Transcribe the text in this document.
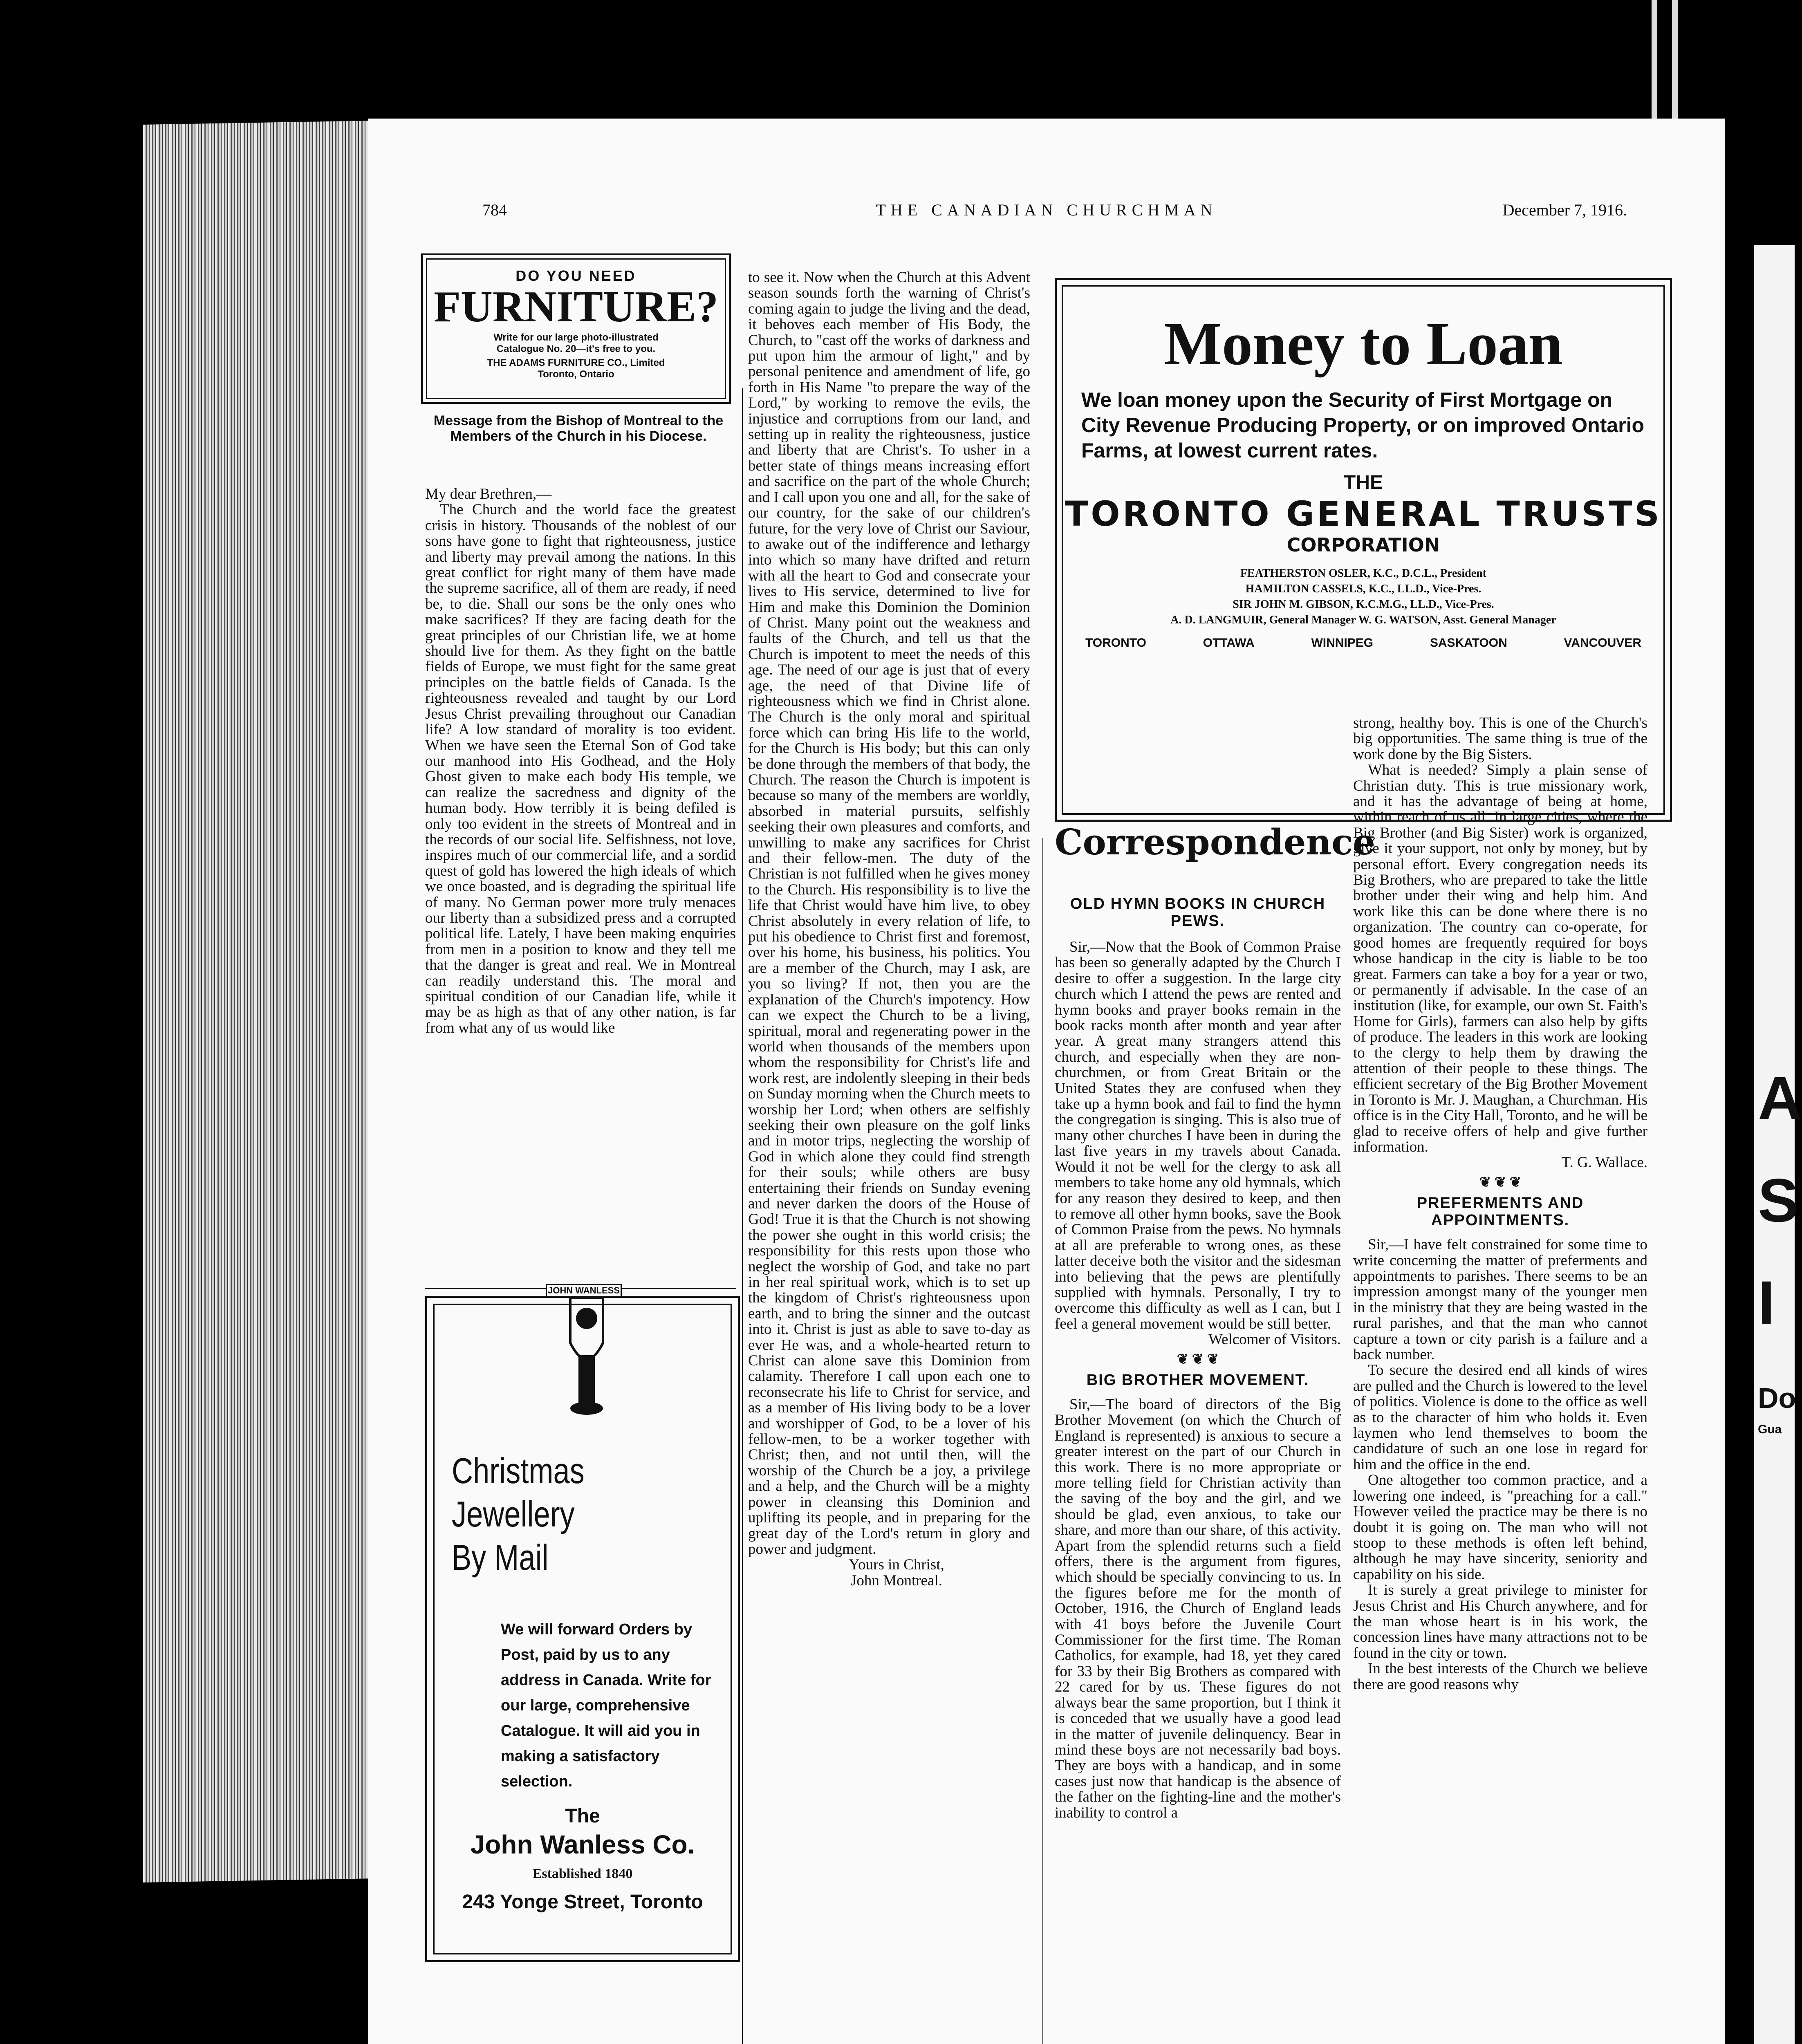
784	THE CANADIAN CHURCHMAN	December 7, 1916.
DO YOU NEED
FURNITURE?
Write for our large photo-illustrated
Catalogue No. 20—it's free to you.
THE ADAMS FURNITURE CO., Limited
Toronto, Ontario
Message from the Bishop of Montreal to the Members of the Church in his Diocese.

My dear Brethren,—

The Church and the world face the greatest crisis in history. Thousands of the noblest of our sons have gone to fight that righteousness, justice and liberty may prevail among the nations. In this great conflict for right many of them have made the supreme sacrifice, all of them are ready, if need be, to die. Shall our sons be the only ones who make sacrifices? If they are facing death for the great principles of our Christian life, we at home should live for them. As they fight on the battle fields of Europe, we must fight for the same great principles on the battle fields of Canada. Is the righteousness revealed and taught by our Lord Jesus Christ prevailing throughout our Canadian life? A low standard of morality is too evident. When we have seen the Eternal Son of God take our manhood into His Godhead, and the Holy Ghost given to make each body His temple, we can realize the sacredness and dignity of the human body. How terribly it is being defiled is only too evident in the streets of Montreal and in the records of our social life. Selfishness, not love, inspires much of our commercial life, and a sordid quest of gold has lowered the high ideals of which we once boasted, and is degrading the spiritual life of many. No German power more truly menaces our liberty than a subsidized press and a corrupted political life. Lately, I have been making enquiries from men in a position to know and they tell me that the danger is great and real. We in Montreal can readily understand this. The moral and spiritual condition of our Canadian life, while it may be as high as that of any other nation, is far from what any of us would like

JOHN WANLESS
Christmas
Jewellery
By Mail
We will forward Orders by Post, paid by us to any address in Canada. Write for our large, comprehensive Catalogue. It will aid you in making a satisfactory selection.
The
John Wanless Co.
Established 1840
243 Yonge Street, Toronto

to see it. Now when the Church at this Advent season sounds forth the warning of Christ's coming again to judge the living and the dead, it behoves each member of His Body, the Church, to "cast off the works of darkness and put upon him the armour of light," and by personal penitence and amendment of life, go forth in His Name "to prepare the way of the Lord," by working to remove the evils, the injustice and corruptions from our land, and setting up in reality the righteousness, justice and liberty that are Christ's. To usher in a better state of things means increasing effort and sacrifice on the part of the whole Church; and I call upon you one and all, for the sake of our country, for the sake of our children's future, for the very love of Christ our Saviour, to awake out of the indifference and lethargy into which so many have drifted and return with all the heart to God and consecrate your lives to His service, determined to live for Him and make this Dominion the Dominion of Christ. Many point out the weakness and faults of the Church, and tell us that the Church is impotent to meet the needs of this age. The need of our age is just that of every age, the need of that Divine life of righteousness which we find in Christ alone. The Church is the only moral and spiritual force which can bring His life to the world, for the Church is His body; but this can only be done through the members of that body, the Church. The reason the Church is impotent is because so many of the members are worldly, absorbed in material pursuits, selfishly seeking their own pleasures and comforts, and unwilling to make any sacrifices for Christ and their fellow-men. The duty of the Christian is not fulfilled when he gives money to the Church. His responsibility is to live the life that Christ would have him live, to obey Christ absolutely in every relation of life, to put his obedience to Christ first and foremost, over his home, his business, his politics. You are a member of the Church, may I ask, are you so living? If not, then you are the explanation of the Church's impotency. How can we expect the Church to be a living, spiritual, moral and regenerating power in the world when thousands of the members upon whom the responsibility for Christ's life and work rest, are indolently sleeping in their beds on Sunday morning when the Church meets to worship her Lord; when others are selfishly seeking their own pleasure on the golf links and in motor trips, neglecting the worship of God in which alone they could find strength for their souls; while others are busy entertaining their friends on Sunday evening and never darken the doors of the House of God! True it is that the Church is not showing the power she ought in this world crisis; the responsibility for this rests upon those who neglect the worship of God, and take no part in her real spiritual work, which is to set up the kingdom of Christ's righteousness upon earth, and to bring the sinner and the outcast into it. Christ is just as able to save to-day as ever He was, and a whole-hearted return to Christ can alone save this Dominion from calamity. Therefore I call upon each one to reconsecrate his life to Christ for service, and as a member of His living body to be a lover and worshipper of God, to be a lover of his fellow-men, to be a worker together with Christ; then, and not until then, will the worship of the Church be a joy, a privilege and a help, and the Church will be a mighty power in cleansing this Dominion and uplifting its people, and in preparing for the great day of the Lord's return in glory and power and judgment.

Yours in Christ,

John Montreal.

Money to Loan
We loan money upon the Security of First Mortgage on City Revenue Producing Property, or on improved Ontario Farms, at lowest current rates.
THE
TORONTO GENERAL TRUSTS
CORPORATION
FEATHERSTON OSLER, K.C., D.C.L., President
HAMILTON CASSELS, K.C., LL.D., Vice-Pres.
SIR JOHN M. GIBSON, K.C.M.G., LL.D., Vice-Pres.
A. D. LANGMUIR, General Manager W. G. WATSON, Asst. General Manager
TORONTO	OTTAWA	WINNIPEG	SASKATOON	VANCOUVER
Correspondence
OLD HYMN BOOKS IN CHURCH PEWS.

Sir,—Now that the Book of Common Praise has been so generally adapted by the Church I desire to offer a suggestion. In the large city church which I attend the pews are rented and hymn books and prayer books remain in the book racks month after month and year after year. A great many strangers attend this church, and especially when they are non-churchmen, or from Great Britain or the United States they are confused when they take up a hymn book and fail to find the hymn the congregation is singing. This is also true of many other churches I have been in during the last five years in my travels about Canada. Would it not be well for the clergy to ask all members to take home any old hymnals, which for any reason they desired to keep, and then to remove all other hymn books, save the Book of Common Praise from the pews. No hymnals at all are preferable to wrong ones, as these latter deceive both the visitor and the sidesman into believing that the pews are plentifully supplied with hymnals. Personally, I try to overcome this difficulty as well as I can, but I feel a general movement would be still better.

Welcomer of Visitors.

❦ ❦ ❦
BIG BROTHER MOVEMENT.

Sir,—The board of directors of the Big Brother Movement (on which the Church of England is represented) is anxious to secure a greater interest on the part of our Church in this work. There is no more appropriate or more telling field for Christian activity than the saving of the boy and the girl, and we should be glad, even anxious, to take our share, and more than our share, of this activity. Apart from the splendid returns such a field offers, there is the argument from figures, which should be specially convincing to us. In the figures before me for the month of October, 1916, the Church of England leads with 41 boys before the Juvenile Court Commissioner for the first time. The Roman Catholics, for example, had 18, yet they cared for 33 by their Big Brothers as compared with 22 cared for by us. These figures do not always bear the same proportion, but I think it is conceded that we usually have a good lead in the matter of juvenile delinquency. Bear in mind these boys are not necessarily bad boys. They are boys with a handicap, and in some cases just now that handicap is the absence of the father on the fighting-line and the mother's inability to control a

strong, healthy boy. This is one of the Church's big opportunities. The same thing is true of the work done by the Big Sisters.

What is needed? Simply a plain sense of Christian duty. This is true missionary work, and it has the advantage of being at home, within reach of us all. In large cities, where the Big Brother (and Big Sister) work is organized, give it your support, not only by money, but by personal effort. Every congregation needs its Big Brothers, who are prepared to take the little brother under their wing and help him. And work like this can be done where there is no organization. The country can co-operate, for good homes are frequently required for boys whose handicap in the city is liable to be too great. Farmers can take a boy for a year or two, or permanently if advisable. In the case of an institution (like, for example, our own St. Faith's Home for Girls), farmers can also help by gifts of produce. The leaders in this work are looking to the clergy to help them by drawing the attention of their people to these things. The efficient secretary of the Big Brother Movement in Toronto is Mr. J. Maughan, a Churchman. His office is in the City Hall, Toronto, and he will be glad to receive offers of help and give further information.

T. G. Wallace.

❦ ❦ ❦
PREFERMENTS AND APPOINTMENTS.

Sir,—I have felt constrained for some time to write concerning the matter of preferments and appointments to parishes. There seems to be an impression amongst many of the younger men in the ministry that they are being wasted in the rural parishes, and that the man who cannot capture a town or city parish is a failure and a back number.

To secure the desired end all kinds of wires are pulled and the Church is lowered to the level of politics. Violence is done to the office as well as to the character of him who holds it. Even laymen who lend themselves to boom the candidature of such an one lose in regard for him and the office in the end.

One altogether too common practice, and a lowering one indeed, is "preaching for a call." However veiled the practice may be there is no doubt it is going on. The man who will not stoop to these methods is often left behind, although he may have sincerity, seniority and capability on his side.

It is surely a great privilege to minister for Jesus Christ and His Church anywhere, and for the man whose heart is in his work, the concession lines have many attractions not to be found in the city or town.

In the best interests of the Church we believe there are good reasons why

A
S
I
Do
Gua
